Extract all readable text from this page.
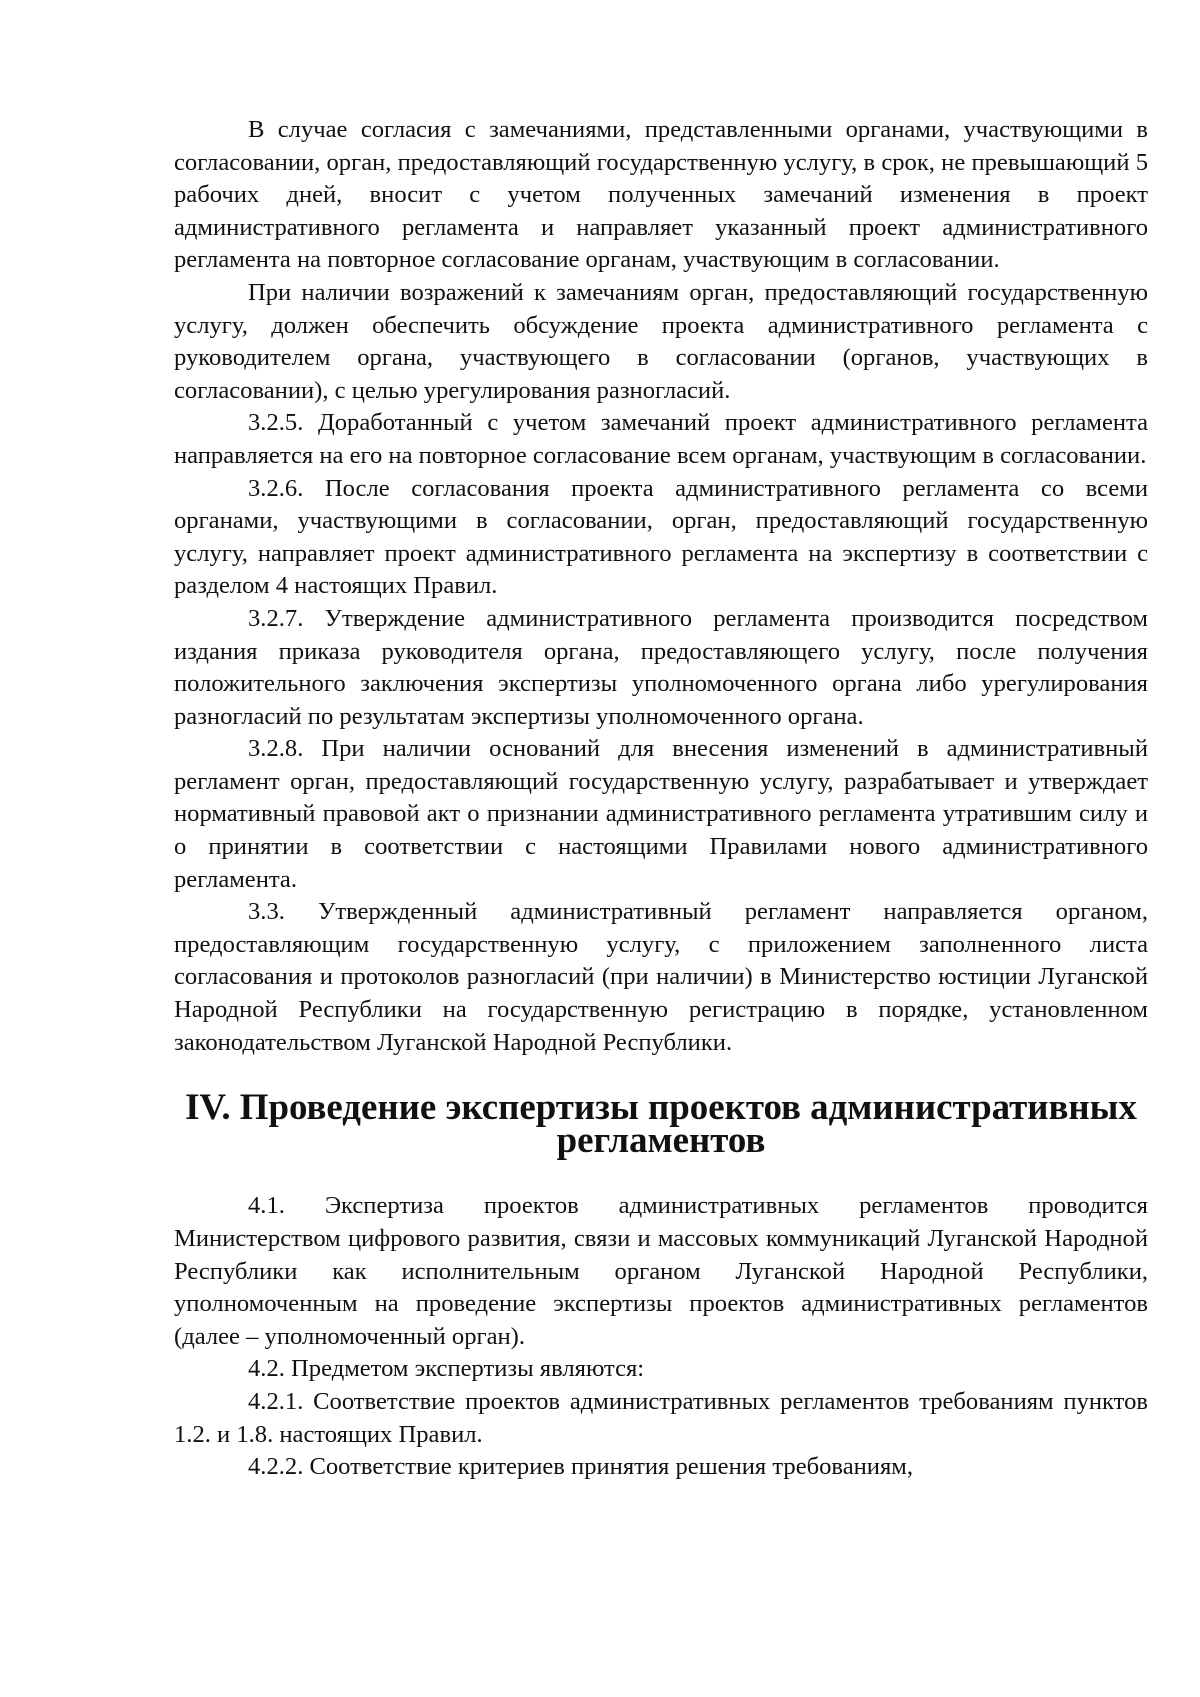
В случае согласия с замечаниями, представленными органами, участвующими в согласовании, орган, предоставляющий государственную услугу, в срок, не превышающий 5 рабочих дней, вносит с учетом полученных замечаний изменения в проект административного регламента и направляет указанный проект административного регламента на повторное согласование органам, участвующим в согласовании.

При наличии возражений к замечаниям орган, предоставляющий государственную услугу, должен обеспечить обсуждение проекта административного регламента с руководителем органа, участвующего в согласовании (органов, участвующих в согласовании), с целью урегулирования разногласий.

3.2.5. Доработанный с учетом замечаний проект административного регламента направляется на его на повторное согласование всем органам, участвующим в согласовании.

3.2.6. После согласования проекта административного регламента со всеми органами, участвующими в согласовании, орган, предоставляющий государственную услугу, направляет проект административного регламента на экспертизу в соответствии с разделом 4 настоящих Правил.

3.2.7. Утверждение административного регламента производится посредством издания приказа руководителя органа, предоставляющего услугу, после получения положительного заключения экспертизы уполномоченного органа либо урегулирования разногласий по результатам экспертизы уполномоченного органа.

3.2.8. При наличии оснований для внесения изменений в административный регламент орган, предоставляющий государственную услугу, разрабатывает и утверждает нормативный правовой акт о признании административного регламента утратившим силу и о принятии в соответствии с настоящими Правилами нового административного регламента.

3.3. Утвержденный административный регламент направляется органом, предоставляющим государственную услугу, с приложением заполненного листа согласования и протоколов разногласий (при наличии) в Министерство юстиции Луганской Народной Республики на государственную регистрацию в порядке, установленном законодательством Луганской Народной Республики.

IV. Проведение экспертизы проектов административных регламентов

4.1. Экспертиза проектов административных регламентов проводится Министерством цифрового развития, связи и массовых коммуникаций Луганской Народной Республики как исполнительным органом Луганской Народной Республики, уполномоченным на проведение экспертизы проектов административных регламентов (далее – уполномоченный орган).

4.2. Предметом экспертизы являются:

4.2.1. Соответствие проектов административных регламентов требованиям пунктов 1.2. и 1.8. настоящих Правил.

4.2.2. Соответствие критериев принятия решения требованиям,
